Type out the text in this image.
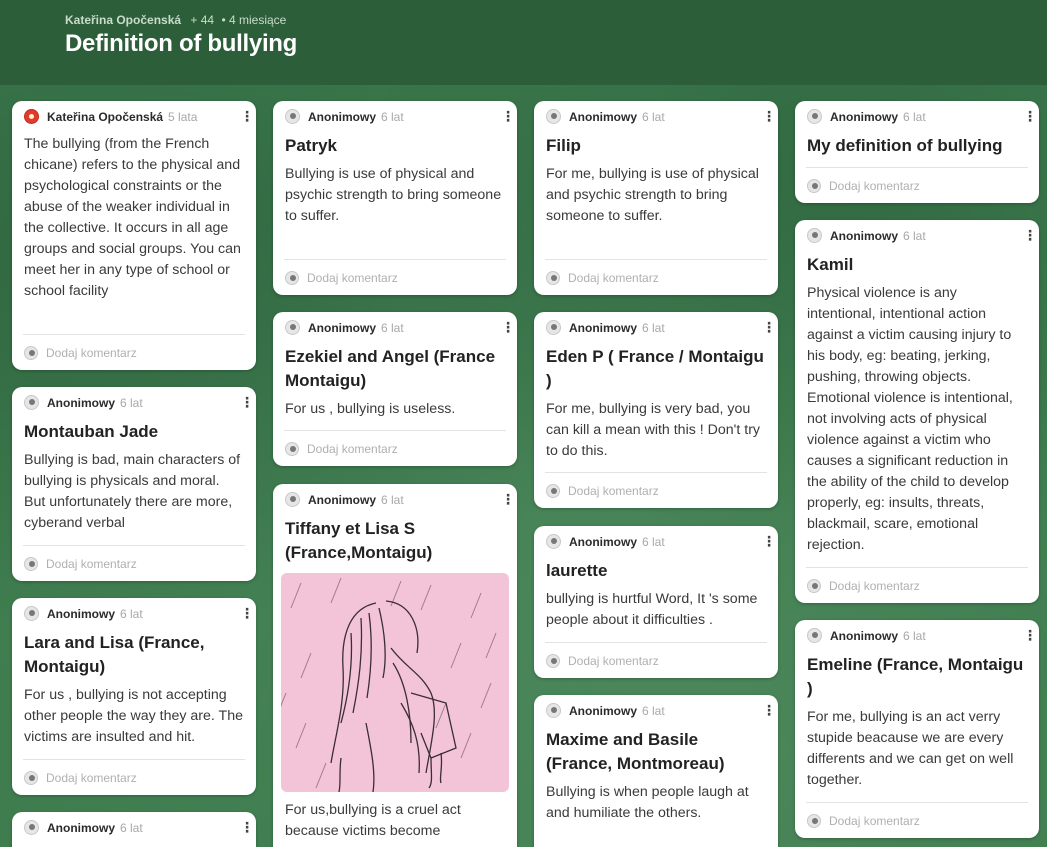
Kateřina Opočenská + 44 • 4 miesiące
Definition of bullying
Kateřina Opočenská 5 lata	⋮
The bullying (from the French chicane) refers to the physical and psychological constraints or the abuse of the weaker individual in the collective. It occurs in all age groups and social groups. You can meet her in any type of school or school facility
Dodaj komentarz
Anonimowy 6 lat	⋮
Montauban Jade
Bullying is bad, main characters of bullying is physicals and moral. But unfortunately there are more, cyberand verbal
Dodaj komentarz
Anonimowy 6 lat	⋮
Lara and Lisa (France, Montaigu)
For us , bullying is not accepting other people the way they are. The victims are insulted and hit.
Dodaj komentarz
Anonimowy 6 lat	⋮
Anonimowy 6 lat	⋮
Patryk
Bullying is use of physical and psychic strength to bring someone to suffer.
Dodaj komentarz
Anonimowy 6 lat	⋮
Ezekiel and Angel (France Montaigu)
For us , bullying is useless.
Dodaj komentarz
Anonimowy 6 lat	⋮
Tiffany et Lisa S (France,Montaigu)
For us,bullying is a cruel act because victims become
Anonimowy 6 lat	⋮
Filip
For me, bullying is use of physical and psychic strength to bring someone to suffer.
Dodaj komentarz
Anonimowy 6 lat	⋮
Eden P ( France / Montaigu )
For me, bullying is very bad, you can kill a mean with this ! Don't try to do this.
Dodaj komentarz
Anonimowy 6 lat	⋮
laurette
bullying is hurtful Word, It 's some people about it difficulties .
Dodaj komentarz
Anonimowy 6 lat	⋮
Maxime and Basile (France, Montmoreau)
Bullying is when people laugh at and humiliate the others.
Anonimowy 6 lat	⋮
My definition of bullying
Dodaj komentarz
Anonimowy 6 lat	⋮
Kamil
Physical violence is any intentional, intentional action against a victim causing injury to his body, eg: beating, jerking, pushing, throwing objects.  Emotional violence is intentional, not involving acts of physical violence against a victim who causes a significant reduction in the ability of the child to develop properly, eg: insults, threats, blackmail, scare, emotional rejection.
Dodaj komentarz
Anonimowy 6 lat	⋮
Emeline (France, Montaigu )
For me, bullying is an act verry stupide beacause we are every differents and we can get on well together.
Dodaj komentarz
